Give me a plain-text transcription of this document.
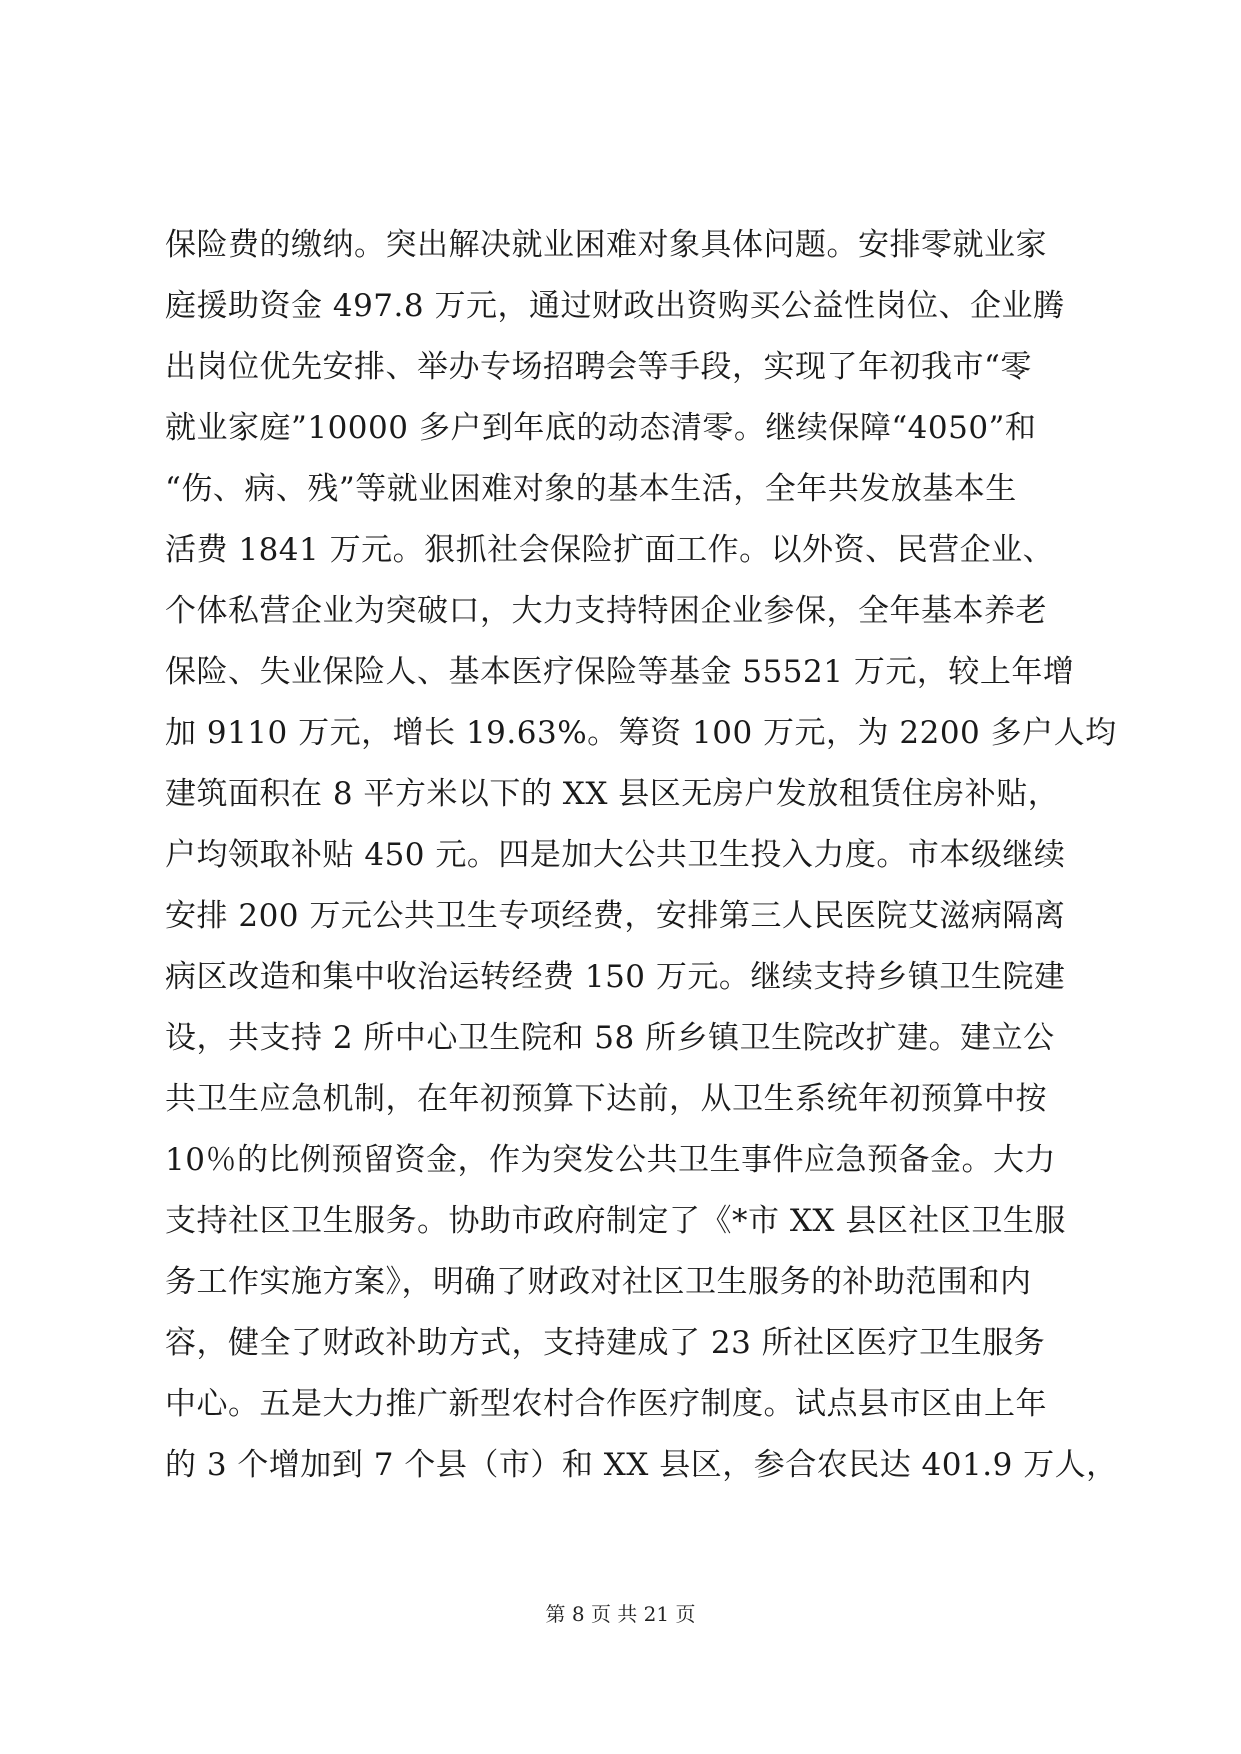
保险费的缴纳。突出解决就业困难对象具体问题。安排零就业家
庭援助资金 497.8 万元，通过财政出资购买公益性岗位、企业腾
出岗位优先安排、举办专场招聘会等手段，实现了年初我市“零
就业家庭”10000 多户到年底的动态清零。继续保障“4050”和
“伤、病、残”等就业困难对象的基本生活，全年共发放基本生
活费 1841 万元。狠抓社会保险扩面工作。以外资、民营企业、
个体私营企业为突破口，大力支持特困企业参保，全年基本养老
保险、失业保险人、基本医疗保险等基金 55521 万元，较上年增
加 9110 万元，增长 19.63%。筹资 100 万元，为 2200 多户人均
建筑面积在 8 平方米以下的 XX 县区无房户发放租赁住房补贴，
户均领取补贴 450 元。四是加大公共卫生投入力度。市本级继续
安排 200 万元公共卫生专项经费，安排第三人民医院艾滋病隔离
病区改造和集中收治运转经费 150 万元。继续支持乡镇卫生院建
设，共支持 2 所中心卫生院和 58 所乡镇卫生院改扩建。建立公
共卫生应急机制，在年初预算下达前，从卫生系统年初预算中按
10％的比例预留资金，作为突发公共卫生事件应急预备金。大力
支持社区卫生服务。协助市政府制定了《*市 XX 县区社区卫生服
务工作实施方案》，明确了财政对社区卫生服务的补助范围和内
容，健全了财政补助方式，支持建成了 23 所社区医疗卫生服务
中心。五是大力推广新型农村合作医疗制度。试点县市区由上年
的 3 个增加到 7 个县（市）和 XX 县区，参合农民达 401.9 万人，
第 8 页 共 21 页
